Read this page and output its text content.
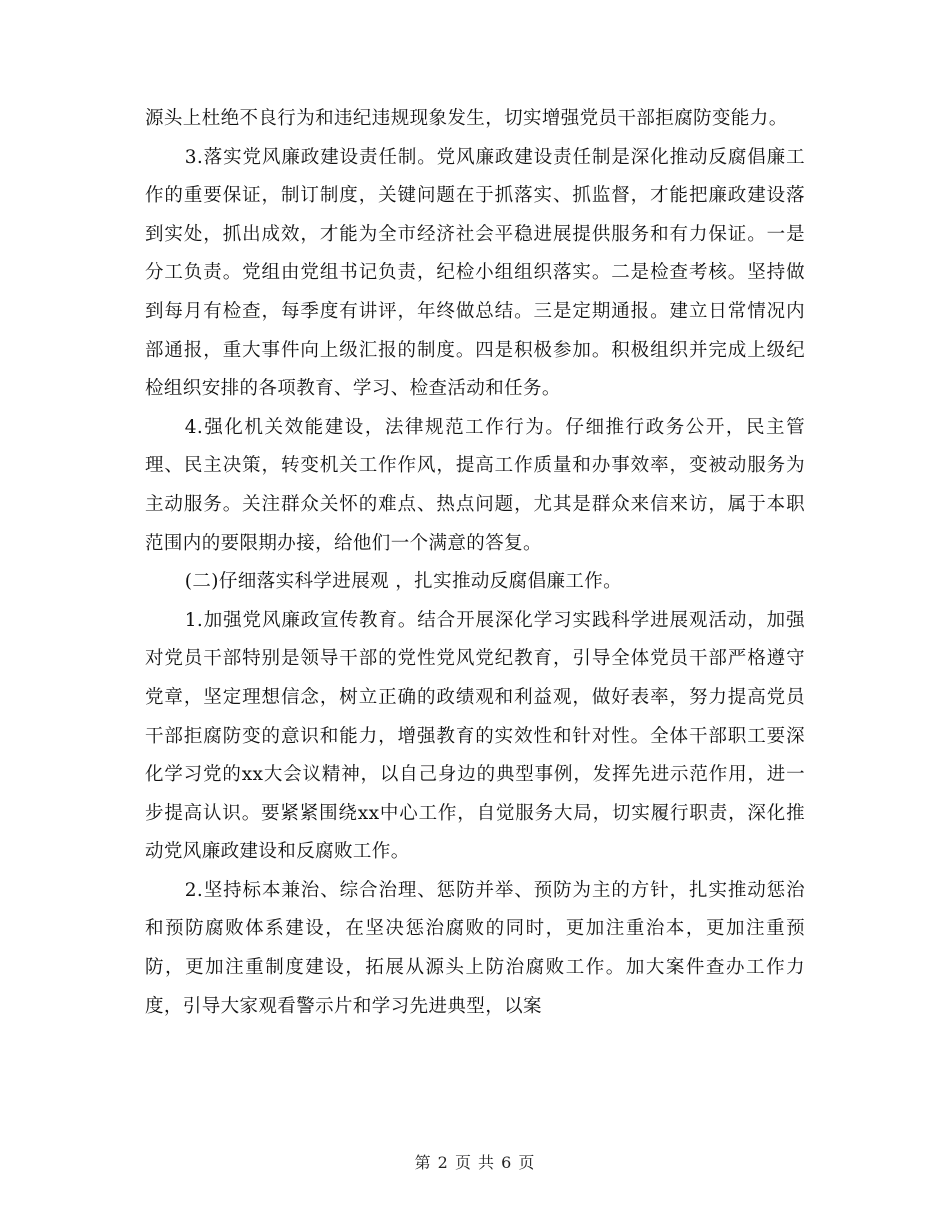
源头上杜绝不良行为和违纪违规现象发生，切实增强党员干部拒腐防变能力。

3.落实党风廉政建设责任制。党风廉政建设责任制是深化推动反腐倡廉工作的重要保证，制订制度，关键问题在于抓落实、抓监督，才能把廉政建设落到实处，抓出成效，才能为全市经济社会平稳进展提供服务和有力保证。一是分工负责。党组由党组书记负责，纪检小组组织落实。二是检查考核。坚持做到每月有检查，每季度有讲评，年终做总结。三是定期通报。建立日常情况内部通报，重大事件向上级汇报的制度。四是积极参加。积极组织并完成上级纪检组织安排的各项教育、学习、检查活动和任务。

4.强化机关效能建设，法律规范工作行为。仔细推行政务公开，民主管理、民主决策，转变机关工作作风，提高工作质量和办事效率，变被动服务为主动服务。关注群众关怀的难点、热点问题，尤其是群众来信来访，属于本职范围内的要限期办接，给他们一个满意的答复。

(二)仔细落实科学进展观 ，扎实推动反腐倡廉工作。

1.加强党风廉政宣传教育。结合开展深化学习实践科学进展观活动，加强对党员干部特别是领导干部的党性党风党纪教育，引导全体党员干部严格遵守党章，坚定理想信念，树立正确的政绩观和利益观，做好表率，努力提高党员干部拒腐防变的意识和能力，增强教育的实效性和针对性。全体干部职工要深化学习党的xx大会议精神，以自己身边的典型事例，发挥先进示范作用，进一步提高认识。要紧紧围绕xx中心工作，自觉服务大局，切实履行职责，深化推动党风廉政建设和反腐败工作。

2.坚持标本兼治、综合治理、惩防并举、预防为主的方针，扎实推动惩治和预防腐败体系建设，在坚决惩治腐败的同时，更加注重治本，更加注重预防，更加注重制度建设，拓展从源头上防治腐败工作。加大案件查办工作力度，引导大家观看警示片和学习先进典型，以案

第 2 页 共 6 页
